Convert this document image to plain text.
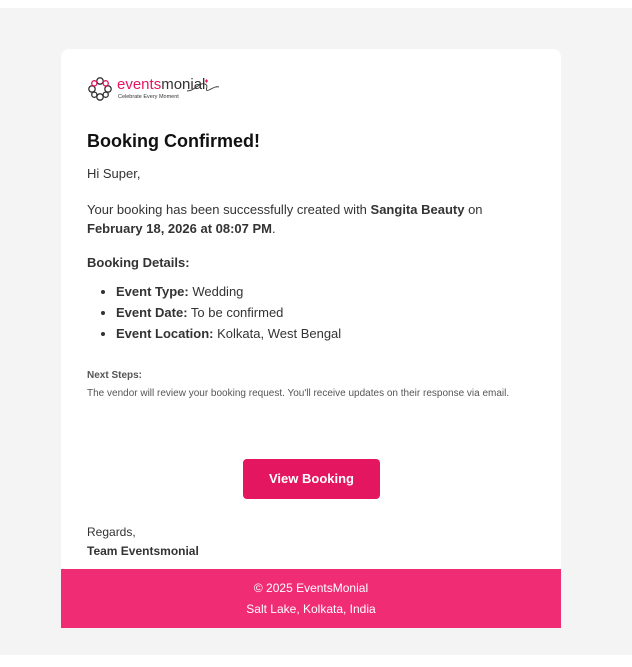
eventsmonial
Celebrate Every Moment
Booking Confirmed!

Hi Super,

Your booking has been successfully created with Sangita Beauty on February 18, 2026 at 08:07 PM.

Booking Details:

• Event Type: Wedding
• Event Date: To be confirmed
• Event Location: Kolkata, West Bengal

Next Steps:

The vendor will review your booking request. You'll receive updates on their response via email.

View Booking

Regards,

Team Eventsmonial

© 2025 EventsMonial
Salt Lake, Kolkata, India
